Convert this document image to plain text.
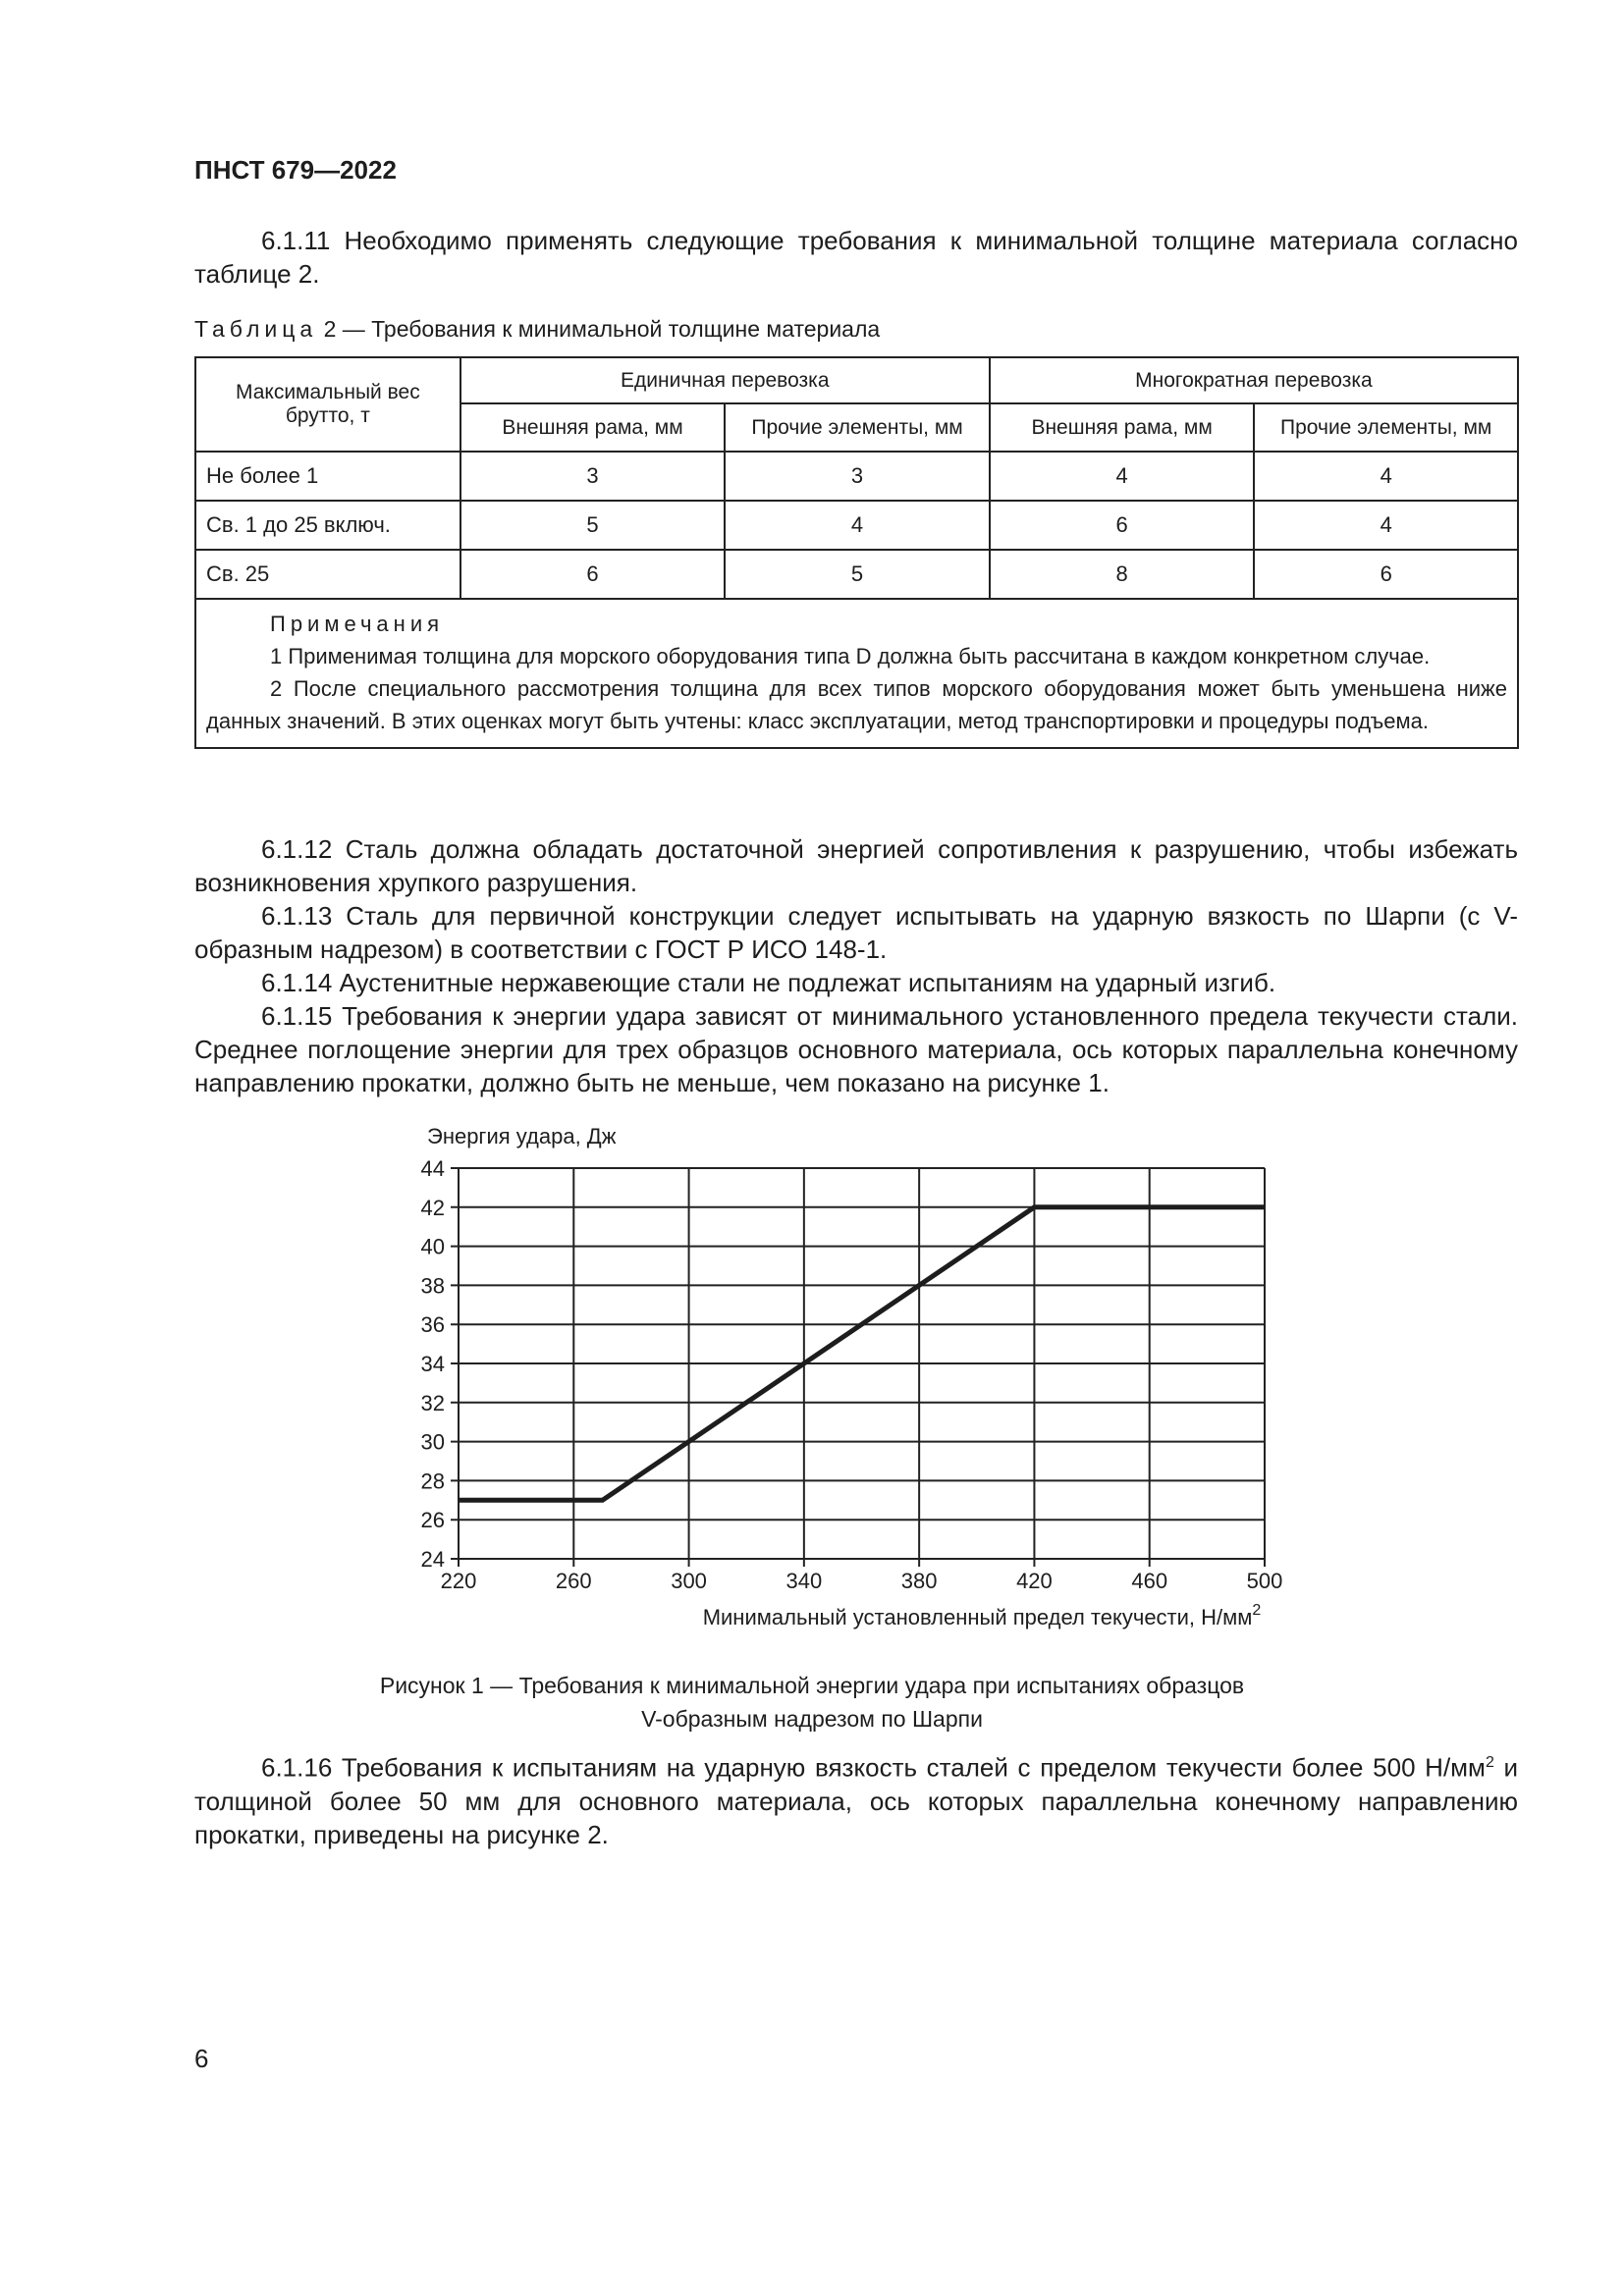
ПНСТ 679—2022
6.1.11 Необходимо применять следующие требования к минимальной толщине материала согласно таблице 2.
Таблица 2 — Требования к минимальной толщине материала
Максимальный вес брутто, т	Единичная перевозка		Многократная перевозка	
	Внешняя рама, мм	Прочие элементы, мм	Внешняя рама, мм	Прочие элементы, мм
Не более 1	3	3	4	4
Св. 1 до 25 включ.	5	4	6	4
Св. 25	6	5	8	6

Примечания
1 Применимая толщина для морского оборудования типа D должна быть рассчитана в каждом конкретном случае.
2 После специального рассмотрения толщина для всех типов морского оборудования может быть уменьшена ниже данных значений. В этих оценках могут быть учтены: класс эксплуатации, метод транспортировки и процедуры подъема.				
6.1.12 Сталь должна обладать достаточной энергией сопротивления к разрушению, чтобы избежать возникновения хрупкого разрушения.
6.1.13 Сталь для первичной конструкции следует испытывать на ударную вязкость по Шарпи (с V-образным надрезом) в соответствии с ГОСТ Р ИСО 148-1.
6.1.14 Аустенитные нержавеющие стали не подлежат испытаниям на ударный изгиб.
6.1.15 Требования к энергии удара зависят от минимального установленного предела текучести стали. Среднее поглощение энергии для трех образцов основного материала, ось которых параллельна конечному направлению прокатки, должно быть не меньше, чем показано на рисунке 1.
Энергия удара, Дж
220	260	300	340	380	420	460	500
24
26
28
30
32
34
36
38
40
42
44
Минимальный установленный предел текучести, $Н/мм^2$
Рисунок 1 — Требования к минимальной энергии удара при испытаниях образцов
V-образным надрезом по Шарпи
6.1.16 Требования к испытаниям на ударную вязкость сталей с пределом текучести более 500 $Н/мм^2$ и толщиной более 50 мм для основного материала, ось которых параллельна конечному направлению прокатки, приведены на рисунке 2.
6
